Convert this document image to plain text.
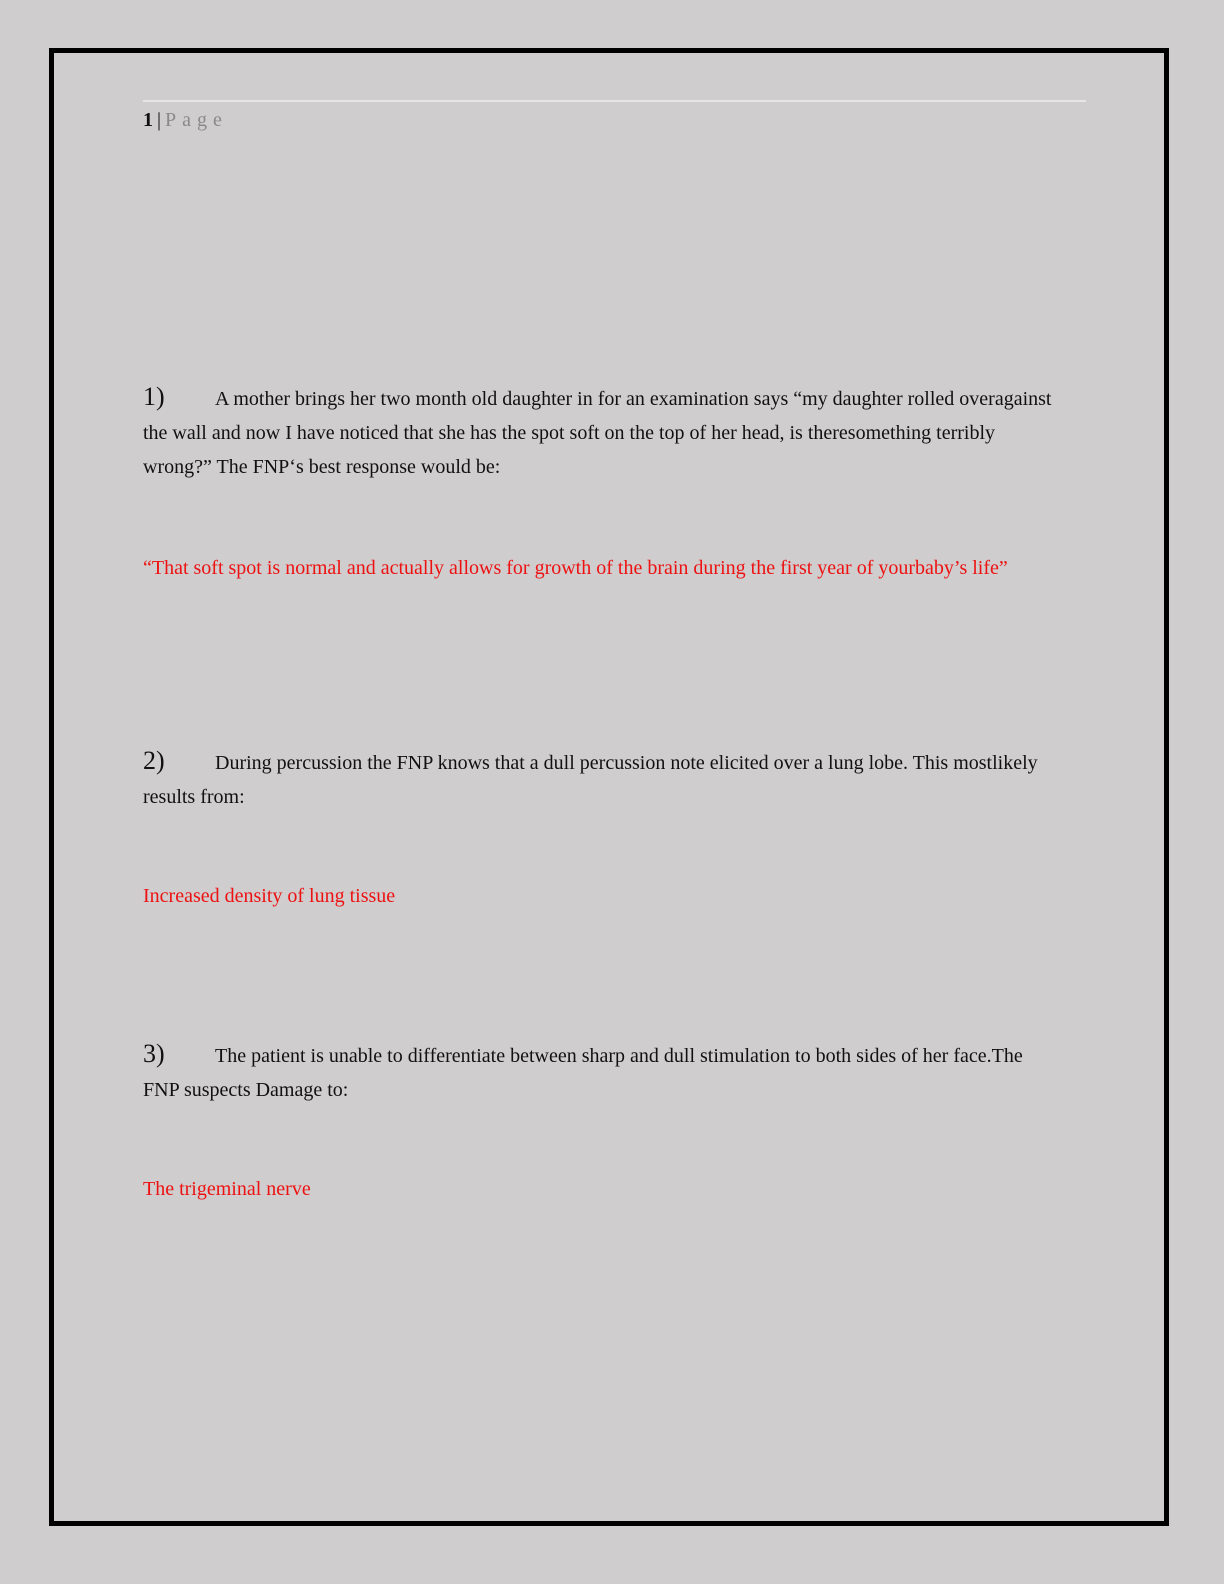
1 | Page
1)	A mother brings her two month old daughter in for an examination says “my daughter rolled overagainst the wall and now I have noticed that she has the spot soft on the top of her head, is theresomething terribly wrong?” The FNP‘s best response would be:
“That soft spot is normal and actually allows for growth of the brain during the first year of yourbaby’s life”
2)	During percussion the FNP knows that a dull percussion note elicited over a lung lobe. This mostlikely results from:
Increased density of lung tissue
3)	The patient is unable to differentiate between sharp and dull stimulation to both sides of her face.The FNP suspects Damage to:
The trigeminal nerve
